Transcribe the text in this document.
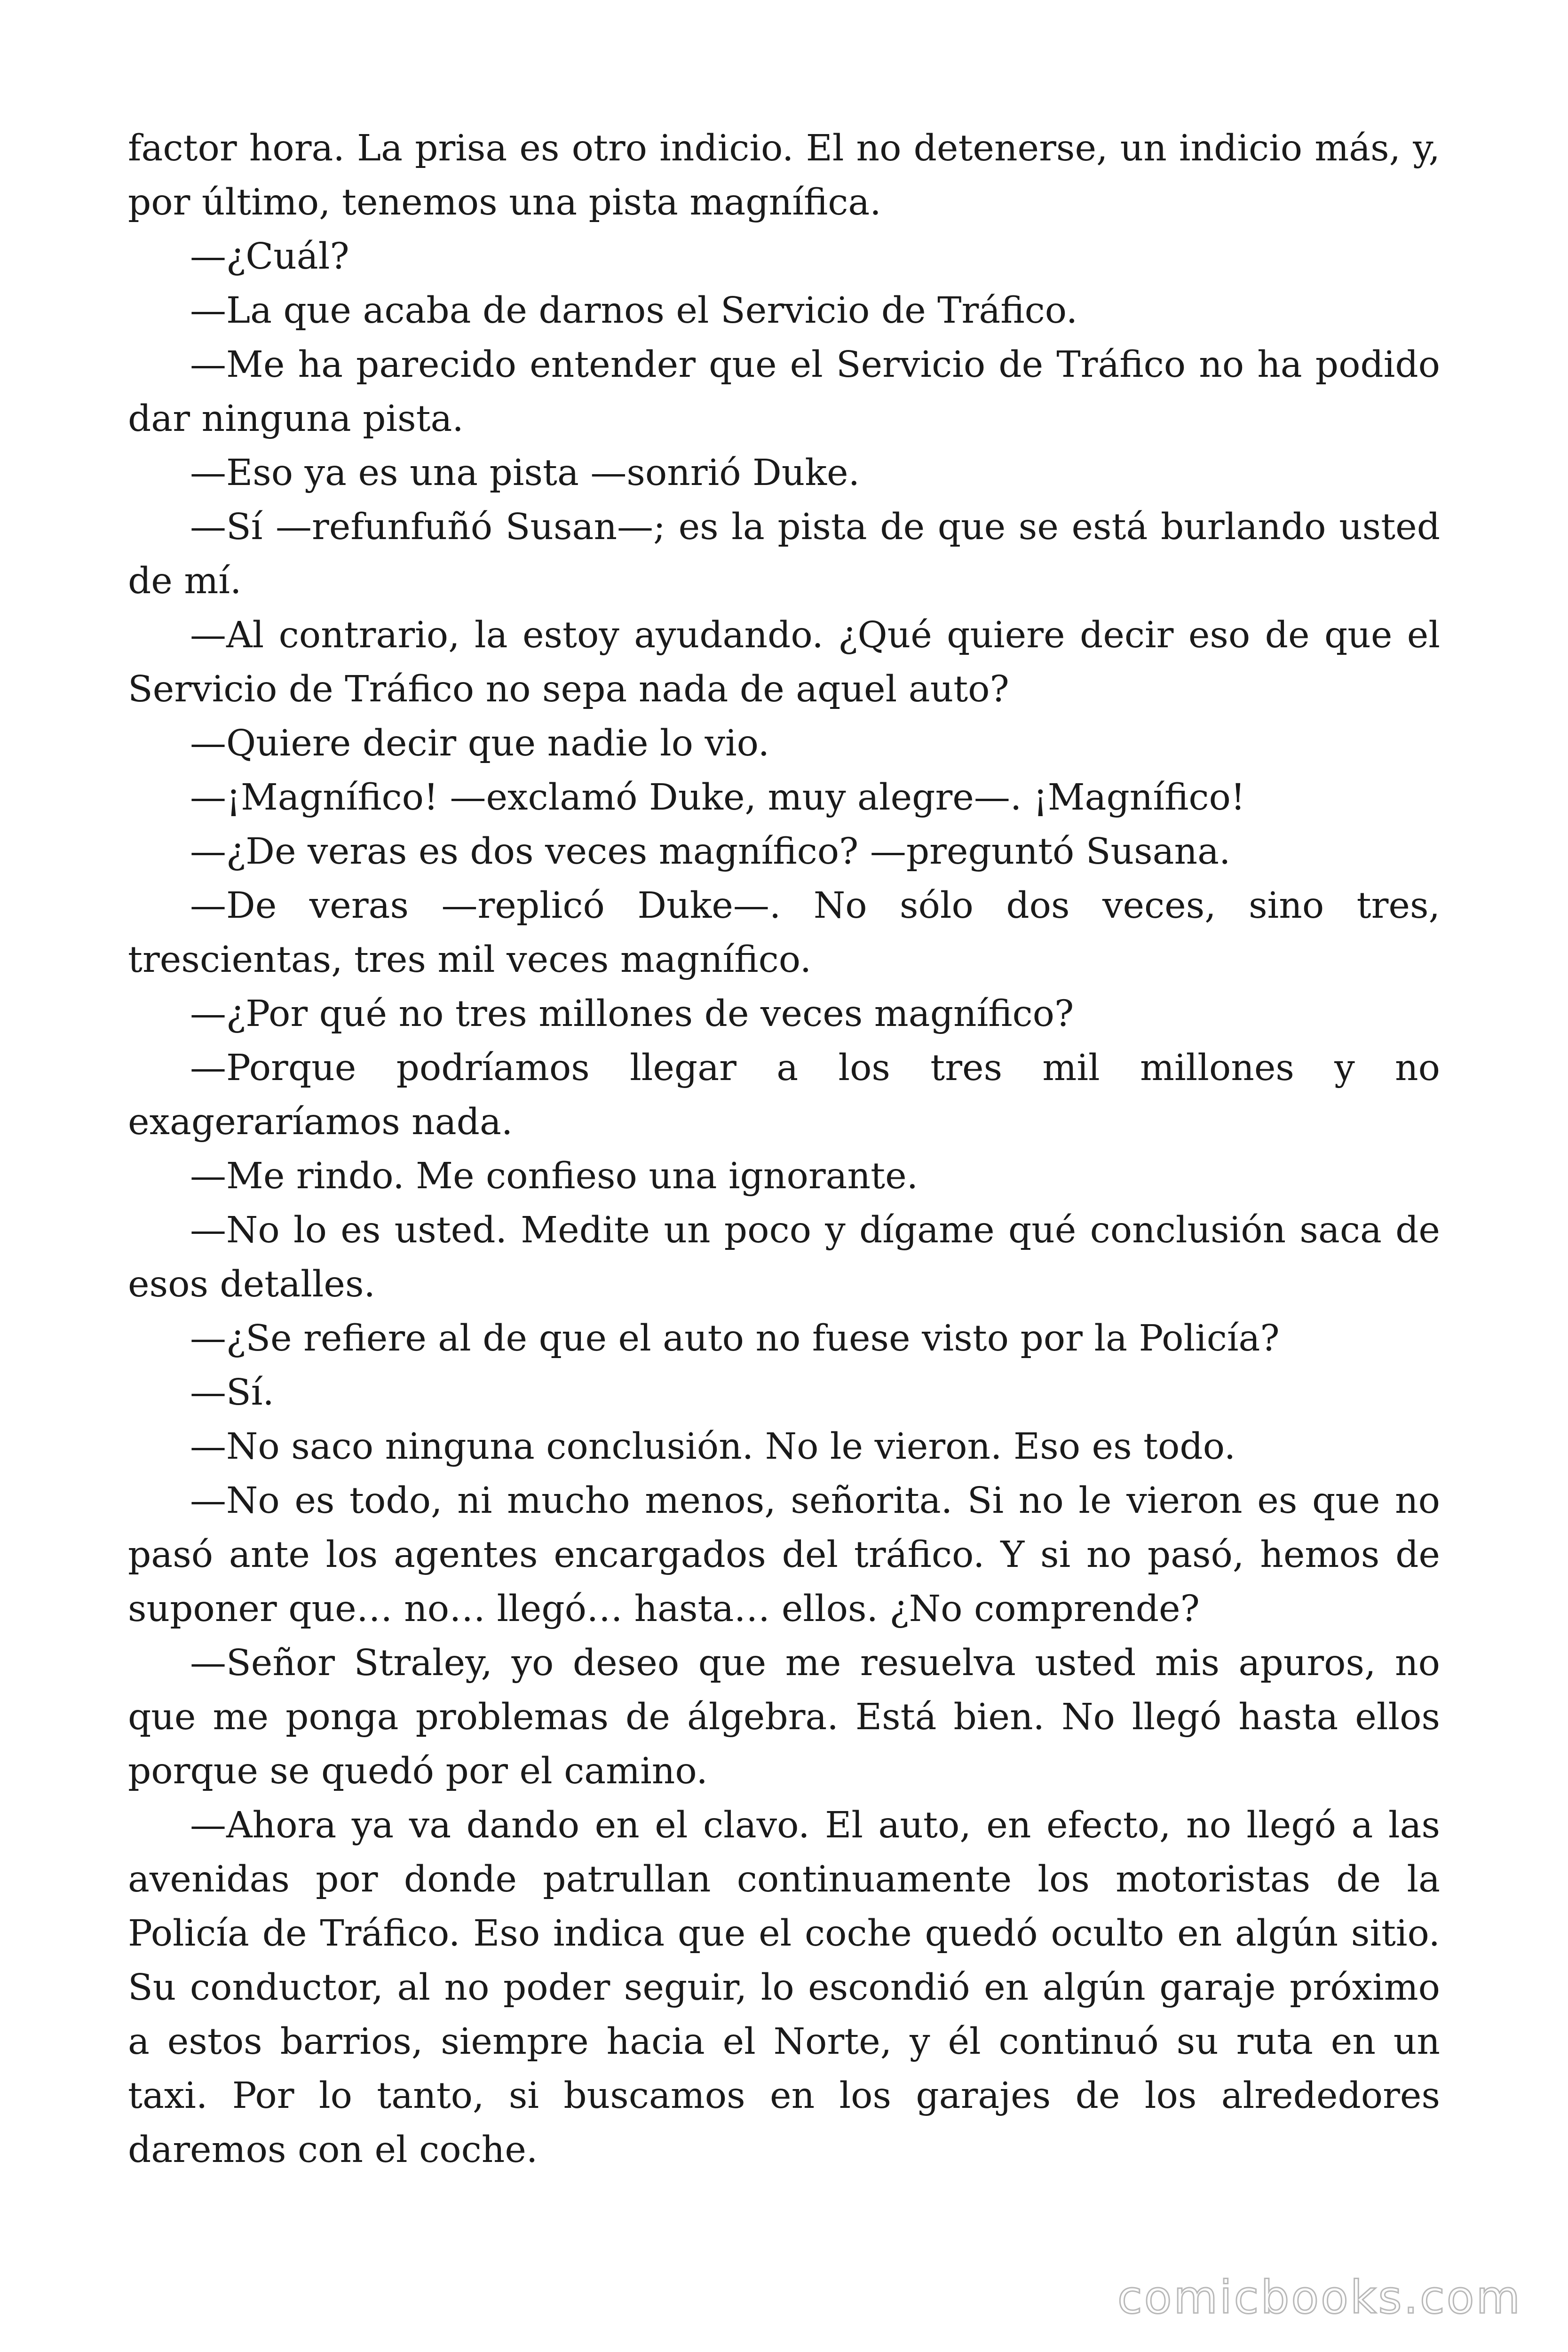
factor hora. La prisa es otro indicio. El no detenerse, un indicio más, y, por último, tenemos una pista magnífica.

—¿Cuál?

—La que acaba de darnos el Servicio de Tráfico.

—Me ha parecido entender que el Servicio de Tráfico no ha podido dar ninguna pista.

—Eso ya es una pista —sonrió Duke.

—Sí —refunfuñó Susan—; es la pista de que se está burlando usted de mí.

—Al contrario, la estoy ayudando. ¿Qué quiere decir eso de que el Servicio de Tráfico no sepa nada de aquel auto?

—Quiere decir que nadie lo vio.

—¡Magnífico! —exclamó Duke, muy alegre—. ¡Magnífico!

—¿De veras es dos veces magnífico? —preguntó Susana.

—De veras —replicó Duke—. No sólo dos veces, sino tres, trescientas, tres mil veces magnífico.

—¿Por qué no tres millones de veces magnífico?

—Porque podríamos llegar a los tres mil millones y no exageraríamos nada.

—Me rindo. Me confieso una ignorante.

—No lo es usted. Medite un poco y dígame qué conclusión saca de esos detalles.

—¿Se refiere al de que el auto no fuese visto por la Policía?

—Sí.

—No saco ninguna conclusión. No le vieron. Eso es todo.

—No es todo, ni mucho menos, señorita. Si no le vieron es que no pasó ante los agentes encargados del tráfico. Y si no pasó, hemos de suponer que… no… llegó… hasta… ellos. ¿No comprende?

—Señor Straley, yo deseo que me resuelva usted mis apuros, no que me ponga problemas de álgebra. Está bien. No llegó hasta ellos porque se quedó por el camino.

—Ahora ya va dando en el clavo. El auto, en efecto, no llegó a las avenidas por donde patrullan continuamente los motoristas de la Policía de Tráfico. Eso indica que el coche quedó oculto en algún sitio. Su conductor, al no poder seguir, lo escondió en algún garaje próximo a estos barrios, siempre hacia el Norte, y él continuó su ruta en un taxi. Por lo tanto, si buscamos en los garajes de los alrededores daremos con el coche.

comicbooks.com
